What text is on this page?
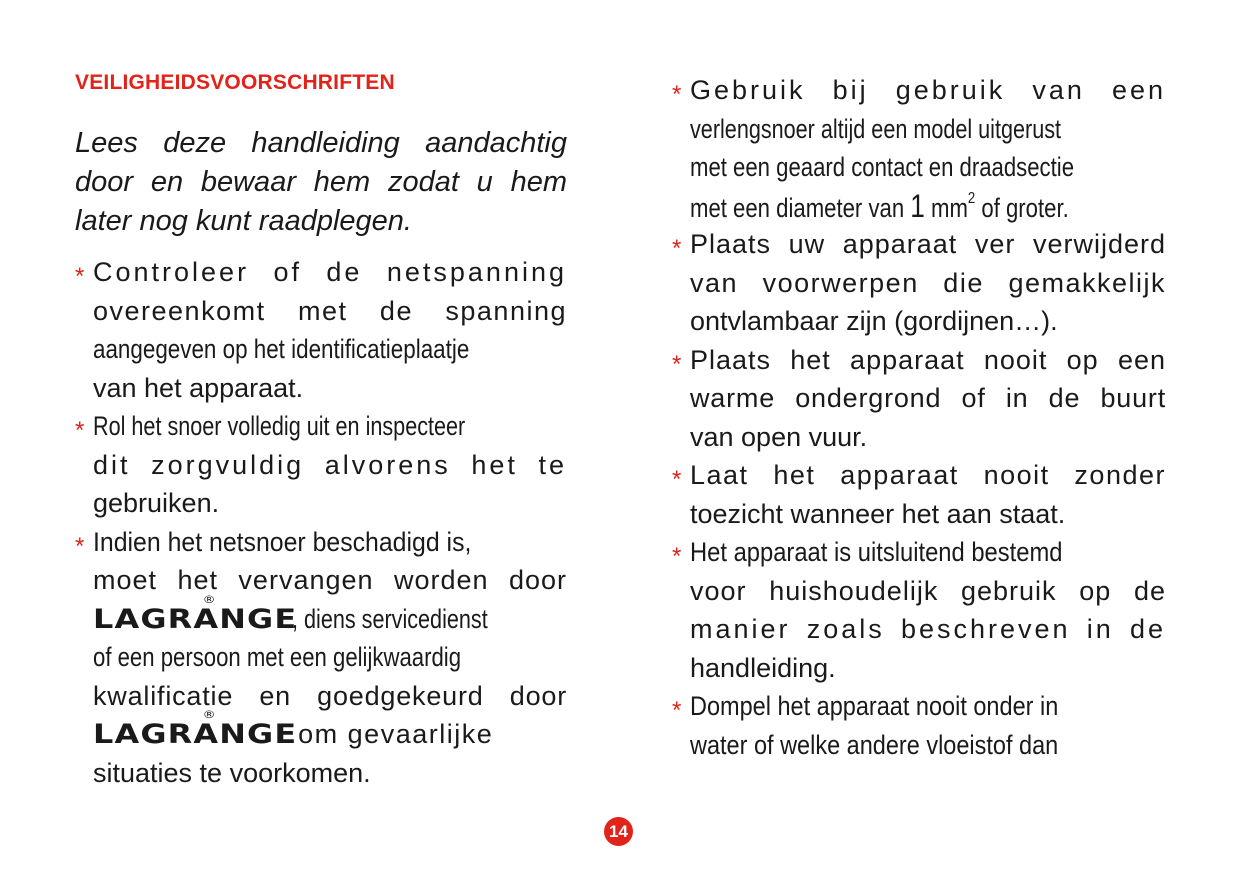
VEILIGHEIDSVOORSCHRIFTEN

Lees deze handleiding aandachtig door en bewaar hem zodat u hem later nog kunt raadplegen.

* Controleer of de netspanning
overeenkomt met de spanning
aangegeven op het identificatieplaatje
van het apparaat.
* Rol het snoer volledig uit en inspecteer
dit zorgvuldig alvorens het te
gebruiken.
* Indien het netsnoer beschadigd is,
moet het vervangen worden door
LAGRANGE
®
, diens servicedienst
of een persoon met een gelijkwaardig
kwalificatie en goedgekeurd door
LAGRANGE
®
om gevaarlijke
situaties te voorkomen.
* Gebruik bij gebruik van een
verlengsnoer altijd een model uitgerust
met een geaard contact en draadsectie
met een diameter van 1 $mm^2$ of groter.
* Plaats uw apparaat ver verwijderd
van voorwerpen die gemakkelijk
ontvlambaar zijn (gordijnen…).
* Plaats het apparaat nooit op een
warme ondergrond of in de buurt
van open vuur.
* Laat het apparaat nooit zonder
toezicht wanneer het aan staat.
* Het apparaat is uitsluitend bestemd
voor huishoudelijk gebruik op de
manier zoals beschreven in de
handleiding.
* Dompel het apparaat nooit onder in
water of welke andere vloeistof dan
14
